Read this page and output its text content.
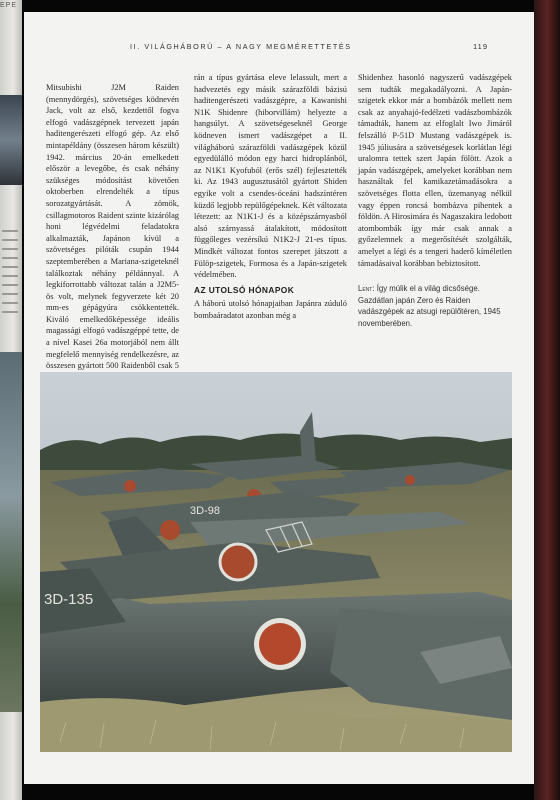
EPE

Mitsubishi J2M Raiden (mennydörgés), szövetséges ködnevén Jack, volt az első, kezdettől fogva elfogó vadászgépnek tervezett japán haditengerészeti elfogó gép. Az első mintapéldány (összesen három készült) 1942. március 20-án emelkedett először a levegőbe, és csak néhány szükséges módosítást követően oktoberben elrendelték a típus sorozatgyártását. A zömök, csillagmotoros Raident szinte kizárólag honi légvédelmi feladatokra alkalmazták, Japánon kívül a szövetséges pilóták csupán 1944 szeptemberében a Mariana-szigeteknél találkoztak néhány példánnyal. A legkiforrottabb változat talán a J2M5-ös volt, melynek fegyverzete két 20 mm-es gépágyúra csökkentették. Kiváló emelkedőképessége ideális magassági elfogó vadászgéppé tette, de a nível Kasei 26a motorjából nem állt megfelelő mennyiség rendelkezésre, az összesen gyártott 500 Raidenből csak 5

rán a típus gyártása eleve lelassult, mert a hadvezetés egy másik szárazföldi bázisú haditengerészeti vadászgépre, a Kawanishi N1K Shidenre (hiborvillám) helyezte a hangsúlyt. A szövetségeseknél George ködneven ismert vadászgépet a II. világháború szárazföldi vadászgépek közül egyedülálló módon egy harci hidroplánból, az N1K1 Kyofuból (erős szél) fejlesztették ki. Az 1943 augusztusától gyártott Shiden egyike volt a csendes-óceáni hadszíntéren küzdő legjobb repülőgépeknek. Két változata létezett: az N1K1-J és a középszárnyasból alsó szárnyassá átalakított, módosított függőleges vezérsíkú N1K2-J 21-es típus. Mindkét változat fontos szerepet játszott a Fülöp-szigetek, Formosa és a Japán-szigetek védelmében.

AZ UTOLSÓ HÓNAPOK

A háború utolsó hónapjaiban Japánra zúduló bombaáradatot azonban még a

Shidenhez hasonló nagyszerű vadászgépek sem tudták megakadályozni. A Japán-szigetek ekkor már a bombázók mellett nem csak az anyahajó-fedélzeti vadászbombázók támadták, hanem az elfoglalt Iwo Jimáról felszálló P-51D Mustang vadászgépek is. 1945 júliusára a szövetségesek korlátlan légi uralomra tettek szert Japán fölött. Azok a japán vadászgépek, amelyeket korábban nem használtak fel kamikazetámadásokra a szövetséges flotta ellen, üzemanyag nélkül vagy éppen roncsá bombázva pihentek a földön. A Hirosimára és Nagaszakira ledobott atombombák így már csak annak a győzelemnek a megerősítését szolgálták, amelyet a légi és a tengeri haderő kíméletlen támadásaival korábban bebiztosított.

Lent: Így múlik el a világ dicsősége. Gazdátlan japán Zero és Raiden vadászgépek az atsugi repülőtéren, 1945 novemberében.
3D-98
3D-135
II. VILÁGHÁBORÚ – A NAGY MEGMÉRETTETÉS	119
